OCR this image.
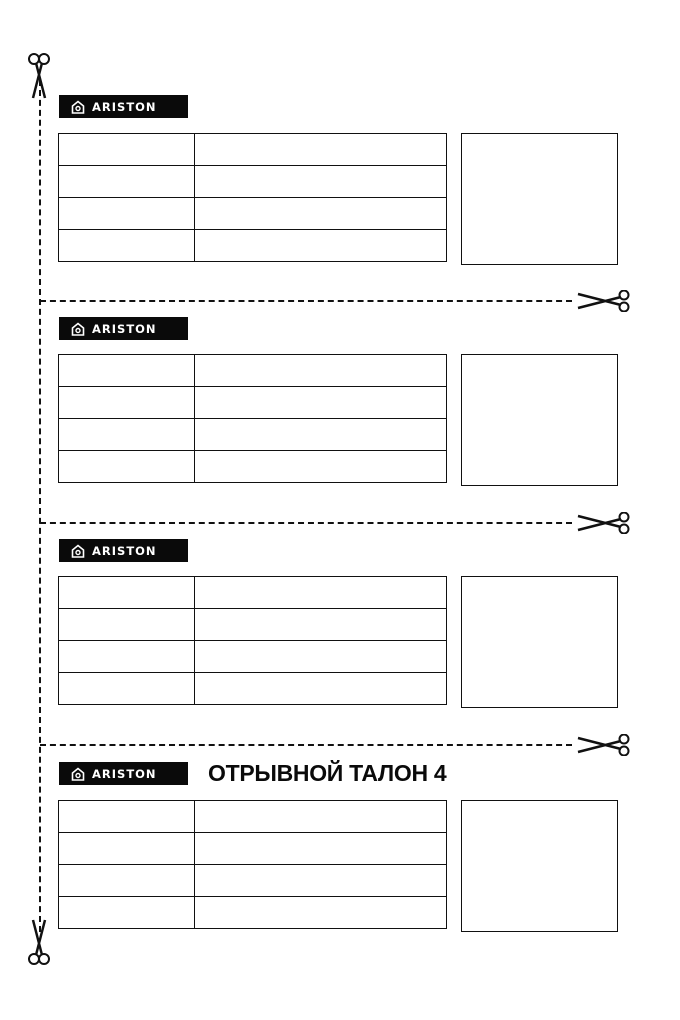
ARISTON

ARISTON

ARISTON

ARISTON ОТРЫВНОЙ ТАЛОН 4
